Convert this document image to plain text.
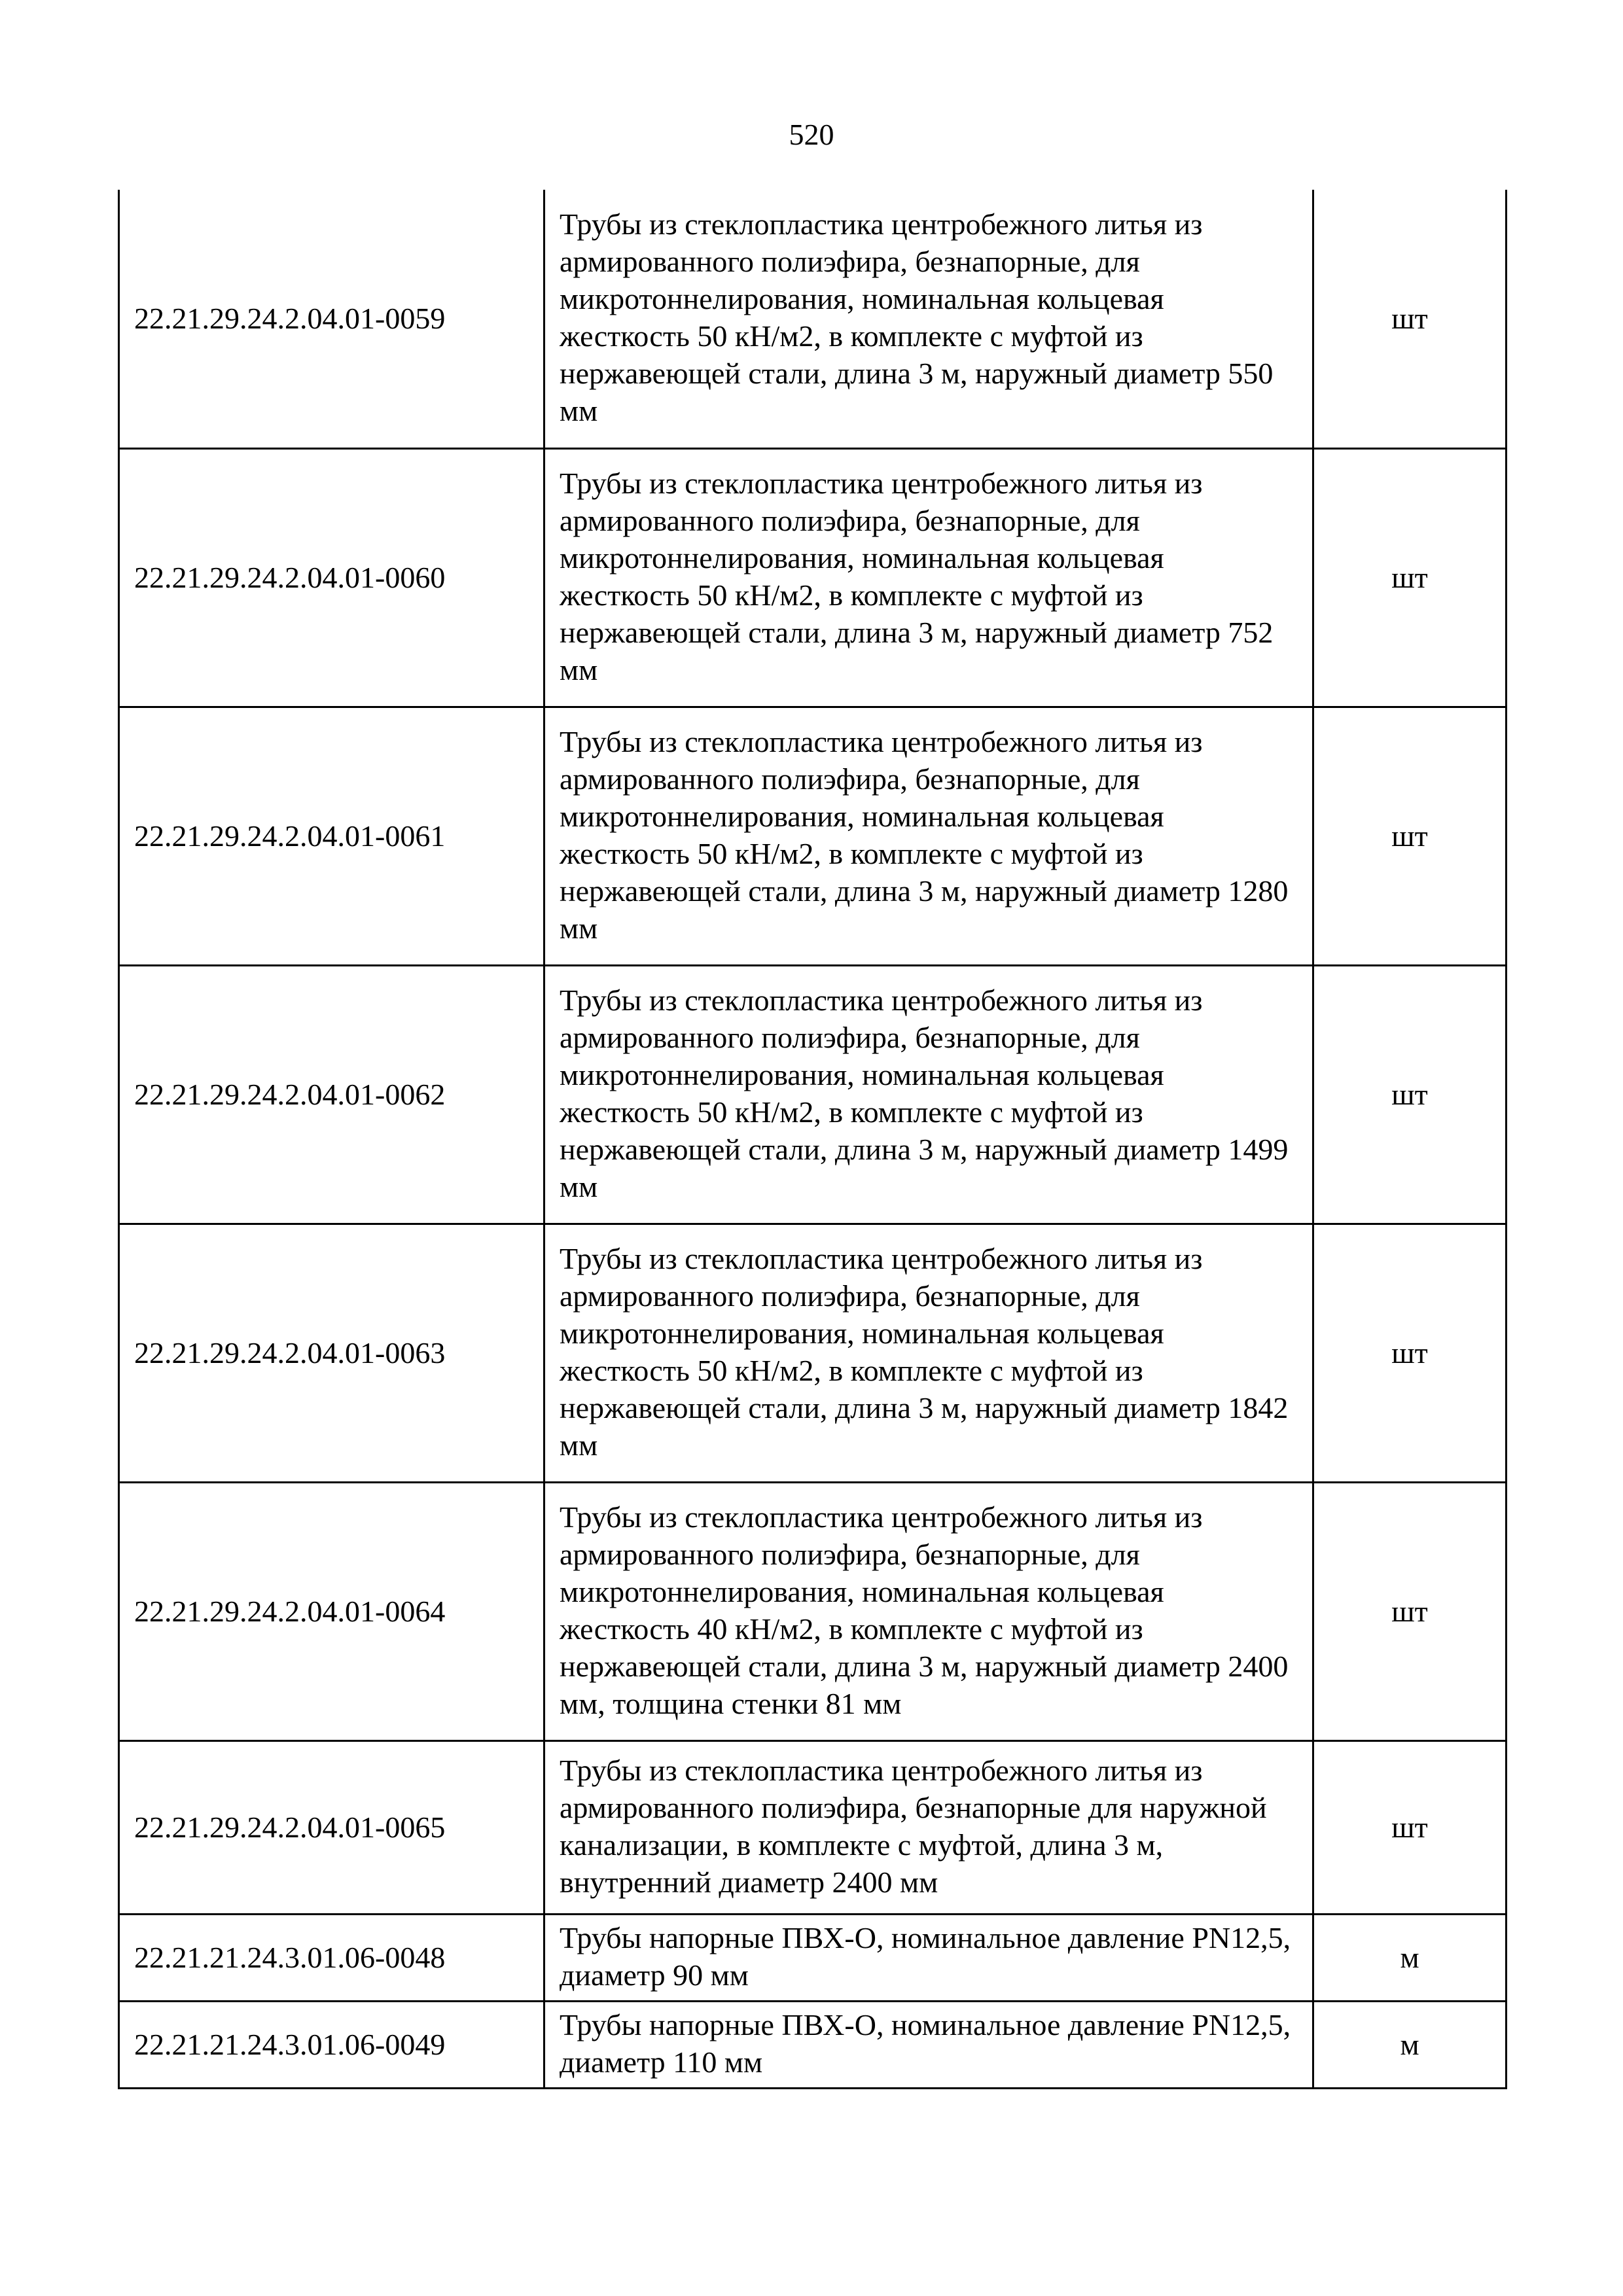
520
22.21.29.24.2.04.01-0059	Трубы из стеклопластика центробежного литья из армированного полиэфира, безнапорные, для микротоннелирования, номинальная кольцевая жесткость 50 кН/м2, в комплекте с муфтой из нержавеющей стали, длина 3 м, наружный диаметр 550 мм	шт
22.21.29.24.2.04.01-0060	Трубы из стеклопластика центробежного литья из армированного полиэфира, безнапорные, для микротоннелирования, номинальная кольцевая жесткость 50 кН/м2, в комплекте с муфтой из нержавеющей стали, длина 3 м, наружный диаметр 752 мм	шт
22.21.29.24.2.04.01-0061	Трубы из стеклопластика центробежного литья из армированного полиэфира, безнапорные, для микротоннелирования, номинальная кольцевая жесткость 50 кН/м2, в комплекте с муфтой из нержавеющей стали, длина 3 м, наружный диаметр 1280 мм	шт
22.21.29.24.2.04.01-0062	Трубы из стеклопластика центробежного литья из армированного полиэфира, безнапорные, для микротоннелирования, номинальная кольцевая жесткость 50 кН/м2, в комплекте с муфтой из нержавеющей стали, длина 3 м, наружный диаметр 1499 мм	шт
22.21.29.24.2.04.01-0063	Трубы из стеклопластика центробежного литья из армированного полиэфира, безнапорные, для микротоннелирования, номинальная кольцевая жесткость 50 кН/м2, в комплекте с муфтой из нержавеющей стали, длина 3 м, наружный диаметр 1842 мм	шт
22.21.29.24.2.04.01-0064	Трубы из стеклопластика центробежного литья из армированного полиэфира, безнапорные, для микротоннелирования, номинальная кольцевая жесткость 40 кН/м2, в комплекте с муфтой из нержавеющей стали, длина 3 м, наружный диаметр 2400 мм, толщина стенки 81 мм	шт
22.21.29.24.2.04.01-0065	Трубы из стеклопластика центробежного литья из армированного полиэфира, безнапорные для наружной канализации, в комплекте с муфтой, длина 3 м, внутренний диаметр 2400 мм	шт
22.21.21.24.3.01.06-0048	Трубы напорные ПВХ-О, номинальное давление PN12,5, диаметр 90 мм	м
22.21.21.24.3.01.06-0049	Трубы напорные ПВХ-О, номинальное давление PN12,5, диаметр 110 мм	м
